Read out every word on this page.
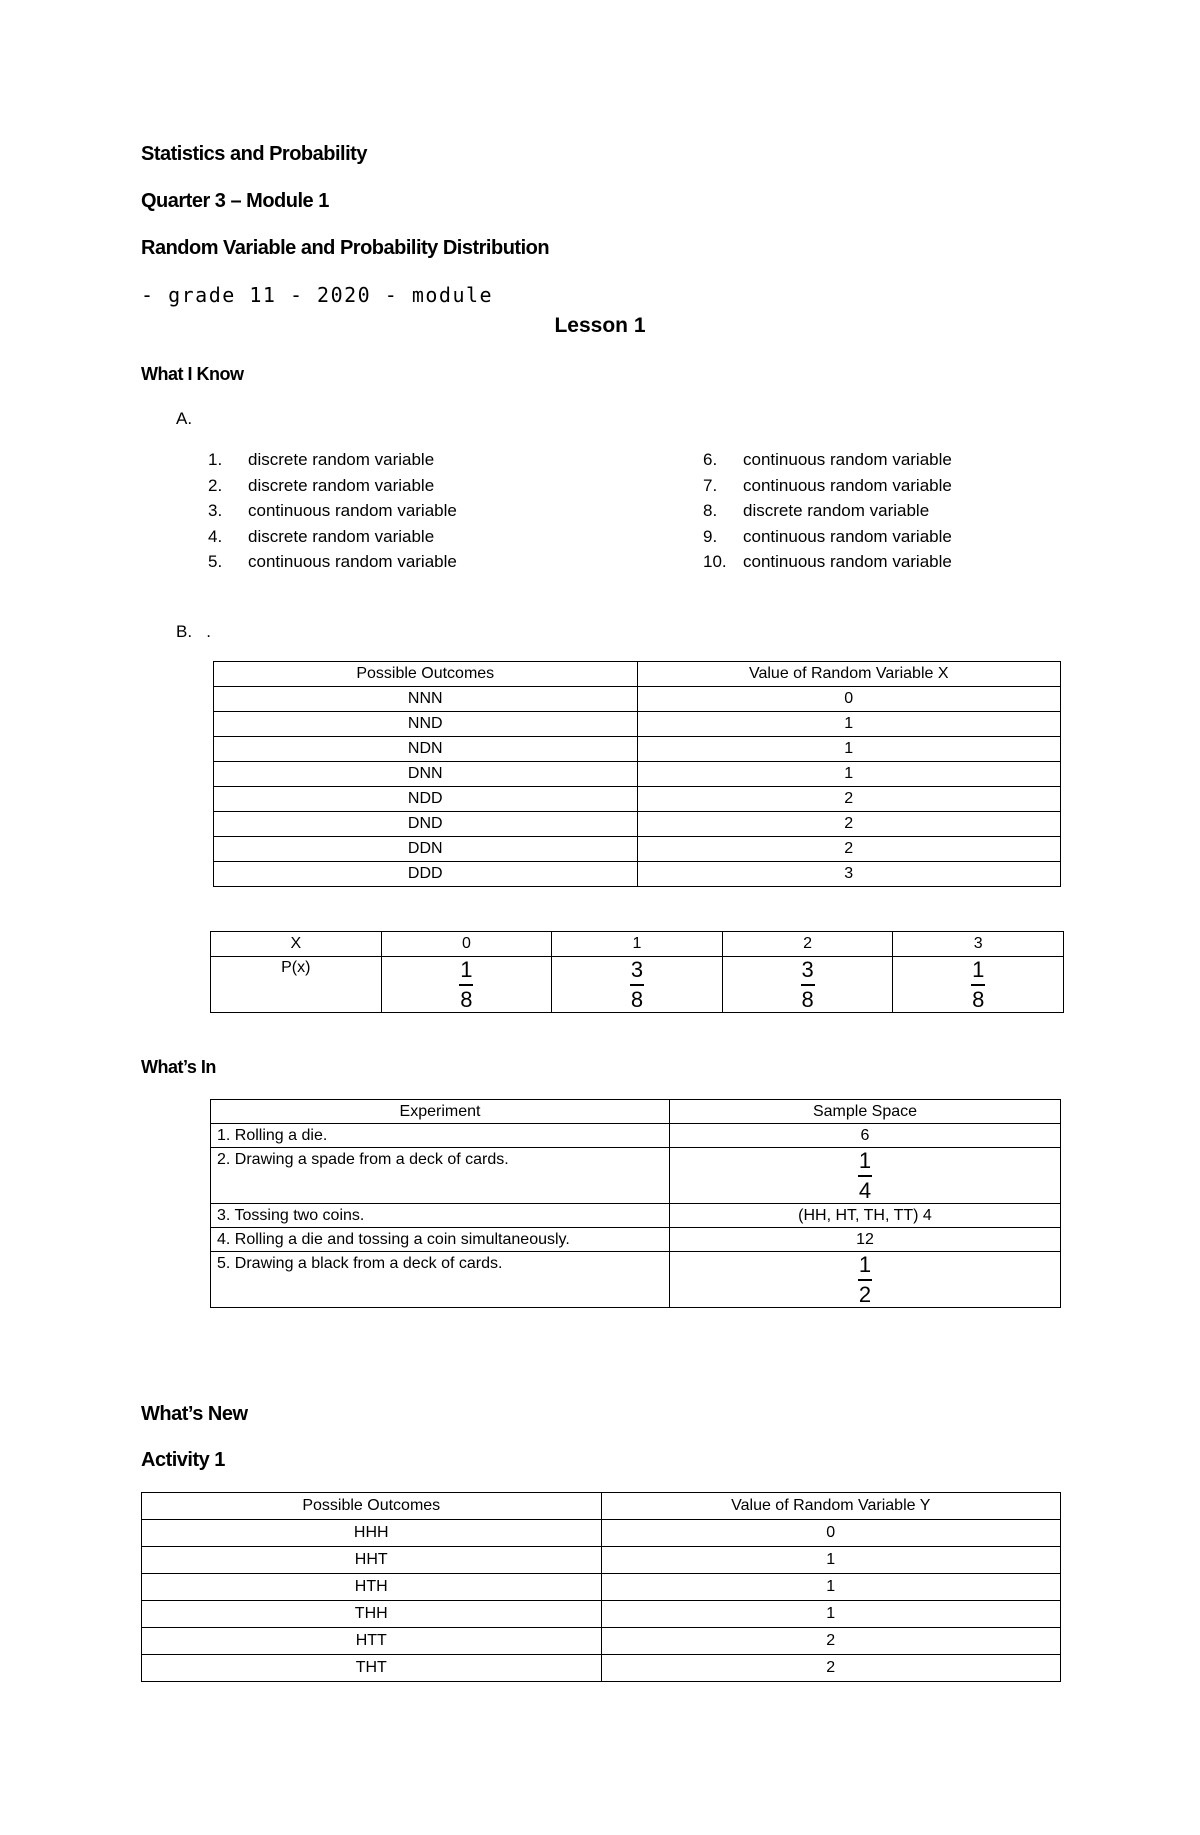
Statistics and Probability
Quarter 3 – Module 1
Random Variable and Probability Distribution
- grade 11 - 2020 - module
Lesson 1
What I Know
A.
1.	discrete random variable
2.	discrete random variable
3.	continuous random variable
4.	discrete random variable
5.	continuous random variable
6.	continuous random variable
7.	continuous random variable
8.	discrete random variable
9.	continuous random variable
10. continuous random variable
B. .
Possible Outcomes	Value of Random Variable X
NNN	0
NND	1
NDN	1
DNN	1
NDD	2
DND	2
DDN	2
DDD	3
X	0	1	2	3
P(x)	$\frac{1}{8}$	$\frac{3}{8}$	$\frac{3}{8}$	$\frac{1}{8}$
What’s In
Experiment	Sample Space
1. Rolling a die.	6
2. Drawing a spade from a deck of cards.	$\frac{1}{4}$

3. Tossing two coins.	(HH, HT, TH, TT) 4
4. Rolling a die and tossing a coin simultaneously.	12
5. Drawing a black from a deck of cards.	$\frac{1}{2}$
What’s New
Activity 1
Possible Outcomes	Value of Random Variable Y
HHH	0
HHT	1
HTH	1
THH	1
HTT	2
THT	2
